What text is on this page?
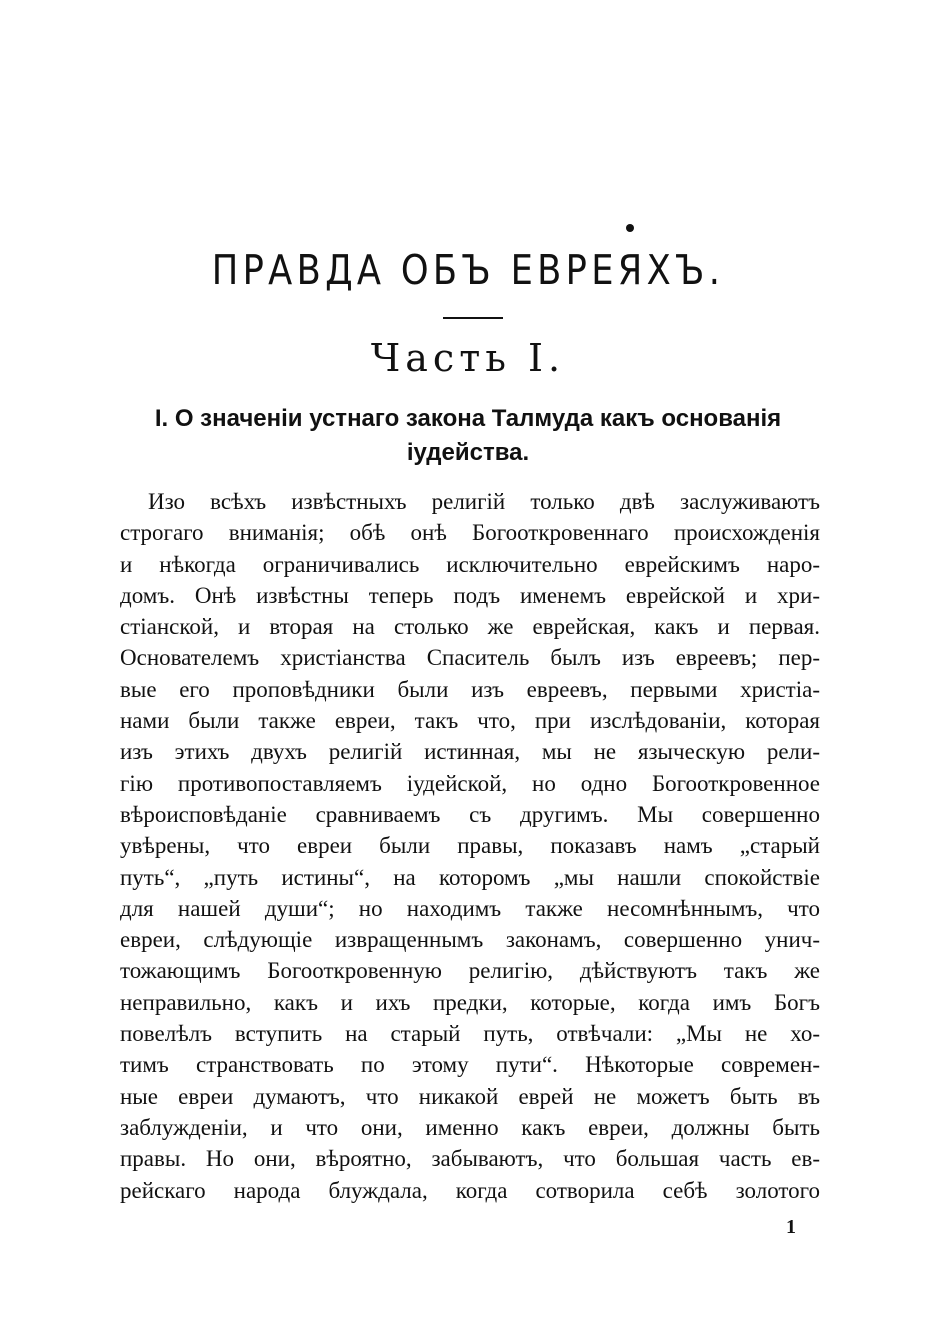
ПРАВДА ОБЪ ЕВРЕЯХЪ.
Часть I.
I. О значеніи устнаго закона Талмуда какъ основанія
іудейства.
Изо всѣхъ извѣстныхъ религій только двѣ заслуживаютъ
строгаго вниманія; обѣ онѣ Богооткровеннаго происхожденія
и нѣкогда ограничивались исключительно еврейскимъ наро-
домъ. Онѣ извѣстны теперь подъ именемъ еврейской и хри-
стіанской, и вторая на столько же еврейская, какъ и первая.
Основателемъ христіанства Спаситель былъ изъ евреевъ; пер-
вые его проповѣдники были изъ евреевъ, первыми христіа-
нами были также евреи, такъ что, при изслѣдованіи, которая
изъ этихъ двухъ религій истинная, мы не языческую рели-
гію противопоставляемъ іудейской, но одно Богооткровенное
вѣроисповѣданіе сравниваемъ съ другимъ. Мы совершенно
увѣрены, что евреи были правы, показавъ намъ „старый
путь“, „путь истины“, на которомъ „мы нашли спокойствіе
для нашей души“; но находимъ также несомнѣннымъ, что
евреи, слѣдующіе извращеннымъ законамъ, совершенно унич-
тожающимъ Богооткровенную религію, дѣйствуютъ такъ же
неправильно, какъ и ихъ предки, которые, когда имъ Богъ
повелѣлъ вступить на старый путь, отвѣчали: „Мы не хо-
тимъ странствовать по этому пути“. Нѣкоторые современ-
ные евреи думаютъ, что никакой еврей не можетъ быть въ
заблужденіи, и что они, именно какъ евреи, должны быть
правы. Но они, вѣроятно, забываютъ, что большая часть ев-
рейскаго народа блуждала, когда сотворила себѣ золотого
1
